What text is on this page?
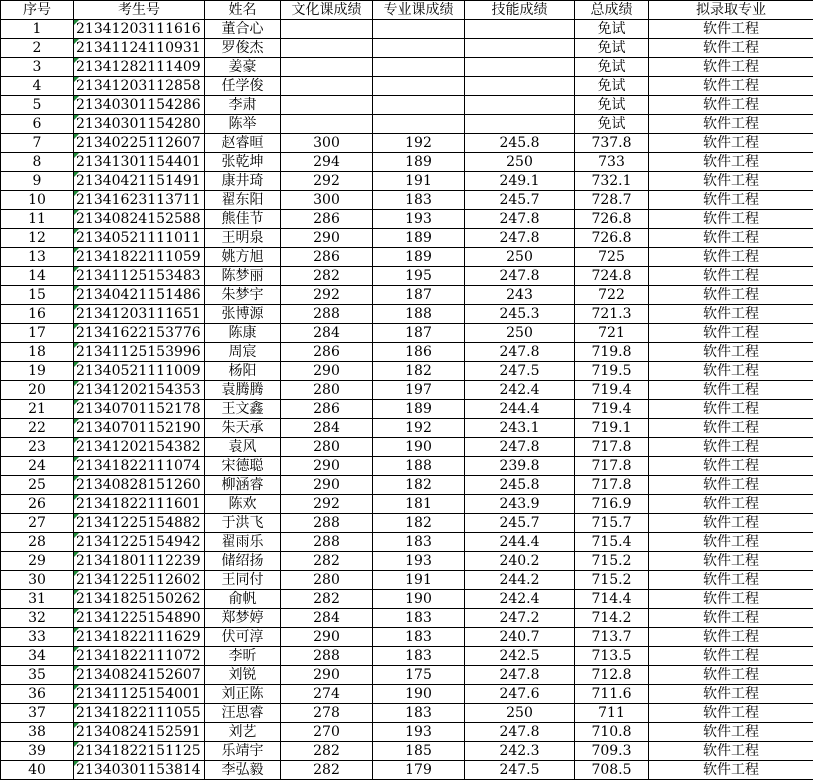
序号	考生号	姓名	文化课成绩	专业课成绩	技能成绩	总成绩	拟录取专业
1	21341203111616	董合心				免试	软件工程
2	21341124110931	罗俊杰				免试	软件工程
3	21341282111409	姜豪				免试	软件工程
4	21341203112858	任学俊				免试	软件工程
5	21340301154286	李肃				免试	软件工程
6	21340301154280	陈举				免试	软件工程
7	21340225112607	赵睿晅	300	192	245.8	737.8	软件工程
8	21341301154401	张乾坤	294	189	250	733	软件工程
9	21340421151491	康井琦	292	191	249.1	732.1	软件工程
10	21341623113711	翟东阳	300	183	245.7	728.7	软件工程
11	21340824152588	熊佳节	286	193	247.8	726.8	软件工程
12	21340521111011	王明泉	290	189	247.8	726.8	软件工程
13	21341822111059	姚方旭	286	189	250	725	软件工程
14	21341125153483	陈梦丽	282	195	247.8	724.8	软件工程
15	21340421151486	朱梦宇	292	187	243	722	软件工程
16	21341203111651	张博源	288	188	245.3	721.3	软件工程
17	21341622153776	陈康	284	187	250	721	软件工程
18	21341125153996	周宸	286	186	247.8	719.8	软件工程
19	21340521111009	杨阳	290	182	247.5	719.5	软件工程
20	21341202154353	袁腾腾	280	197	242.4	719.4	软件工程
21	21340701152178	王文鑫	286	189	244.4	719.4	软件工程
22	21340701152190	朱天承	284	192	243.1	719.1	软件工程
23	21341202154382	袁风	280	190	247.8	717.8	软件工程
24	21341822111074	宋德聪	290	188	239.8	717.8	软件工程
25	21340828151260	柳涵睿	290	182	245.8	717.8	软件工程
26	21341822111601	陈欢	292	181	243.9	716.9	软件工程
27	21341225154882	于洪飞	288	182	245.7	715.7	软件工程
28	21341225154942	翟雨乐	288	183	244.4	715.4	软件工程
29	21341801112239	储绍扬	282	193	240.2	715.2	软件工程
30	21341225112602	王同付	280	191	244.2	715.2	软件工程
31	21341825150262	俞帆	282	190	242.4	714.4	软件工程
32	21341225154890	郑梦婷	284	183	247.2	714.2	软件工程
33	21341822111629	伏可淳	290	183	240.7	713.7	软件工程
34	21341822111072	李昕	288	183	242.5	713.5	软件工程
35	21340824152607	刘锐	290	175	247.8	712.8	软件工程
36	21341125154001	刘正陈	274	190	247.6	711.6	软件工程
37	21341822111055	汪思睿	278	183	250	711	软件工程
38	21340824152591	刘艺	270	193	247.8	710.8	软件工程
39	21341822151125	乐靖宇	282	185	242.3	709.3	软件工程
40	21340301153814	李弘毅	282	179	247.5	708.5	软件工程
